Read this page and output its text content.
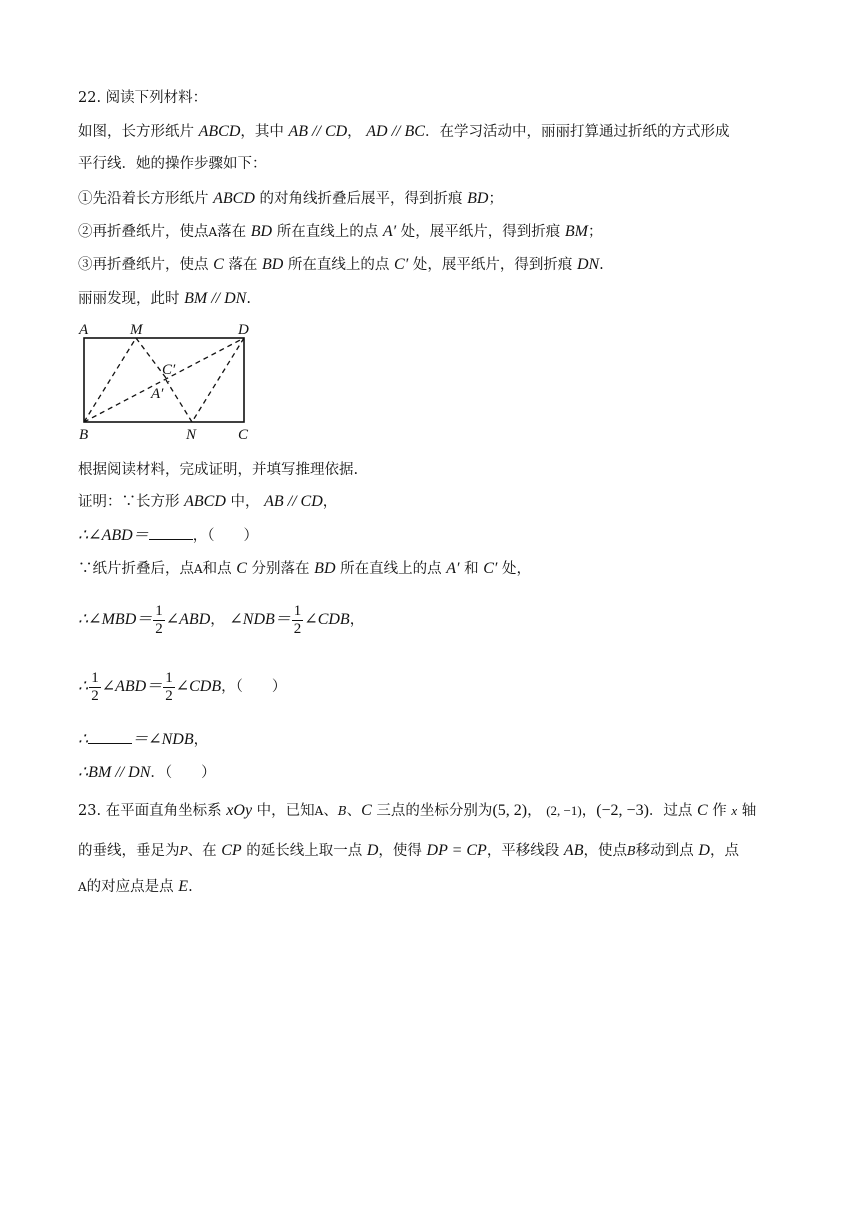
22. 阅读下列材料：
如图，长方形纸片 ABCD，其中 AB // CD， AD // BC．在学习活动中，丽丽打算通过折纸的方式形成
平行线．她的操作步骤如下：
①先沿着长方形纸片 ABCD 的对角线折叠后展平，得到折痕 BD；
②再折叠纸片，使点A落在 BD 所在直线上的点 A′ 处，展平纸片，得到折痕 BM；
③再折叠纸片，使点 C 落在 BD 所在直线上的点 C′ 处，展平纸片，得到折痕 DN.
丽丽发现，此时 BM // DN.
A	M	D
B	N	C
C′
A′
根据阅读材料，完成证明，并填写推理依据.
证明：∵长方形 ABCD 中， AB // CD，
∴∠ABD＝	，（　　）
∵纸片折叠后，点A和点 C 分别落在 BD 所在直线上的点 A′ 和 C′ 处，
∴∠MBD＝ $\frac{1}{2}$ ∠ABD， ∠NDB＝ $\frac{1}{2}$ ∠CDB，
∴ $\frac{1}{2}$ ∠ABD＝ $\frac{1}{2}$ ∠CDB，（　　）
∴	＝∠NDB，
∴BM // DN．（　　）
23. 在平面直角坐标系 xOy 中，已知A、B、C 三点的坐标分别为(5, 2)， (2, −1)，(−2, −3)．过点 C 作 x 轴
的垂线，垂足为P、在 CP 的延长线上取一点 D，使得 DP = CP，平移线段 AB，使点B移动到点 D，点
A的对应点是点 E.
